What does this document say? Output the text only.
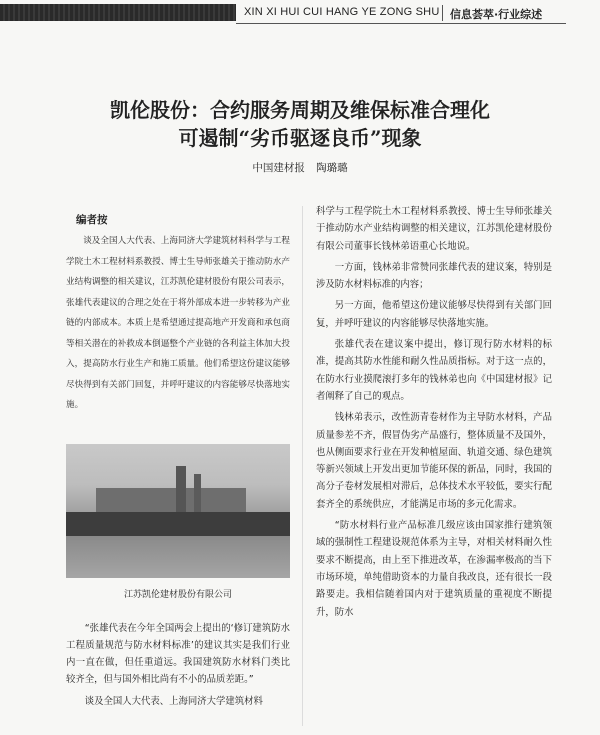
XIN XI HUI CUI HANG YE ZONG SHU 信息荟萃·行业综述
凯伦股份：合约服务周期及维保标准合理化
可遏制“劣币驱逐良币”现象
中国建材报 陶璐璐
编者按

谈及全国人大代表、上海同济大学建筑材料科学与工程学院土木工程材料系教授、博士生导师张雄关于推动防水产业结构调整的相关建议，江苏凯伦建材股份有限公司表示，张雄代表建议的合理之处在于将外部成本进一步转移为产业链的内部成本。本质上是希望通过提高地产开发商和承包商等相关潜在的补救成本倒逼整个产业链的各利益主体加大投入，提高防水行业生产和施工质量。他们希望这份建议能够尽快得到有关部门回复，并呼吁建议的内容能够尽快落地实施。

江苏凯伦建材股份有限公司

“张雄代表在今年全国两会上提出的‘修订建筑防水工程质量规范与防水材料标准’的建议其实是我们行业内一直在做，但任重道远。我国建筑防水材料门类比较齐全，但与国外相比尚有不小的品质差距。”

谈及全国人大代表、上海同济大学建筑材料

科学与工程学院土木工程材料系教授、博士生导师张雄关于推动防水产业结构调整的相关建议，江苏凯伦建材股份有限公司董事长钱林弟语重心长地说。

一方面，钱林弟非常赞同张雄代表的建议案，特别是涉及防水材料标准的内容；

另一方面，他希望这份建议能够尽快得到有关部门回复，并呼吁建议的内容能够尽快落地实施。

张雄代表在建议案中提出，修订现行防水材料的标准，提高其防水性能和耐久性品质指标。对于这一点的，在防水行业摸爬滚打多年的钱林弟也向《中国建材报》记者阐释了自己的观点。

钱林弟表示，改性沥青卷材作为主导防水材料，产品质量参差不齐，假冒伪劣产品盛行，整体质量不及国外，也从侧面要求行业在开发种植屋面、轨道交通、绿色建筑等新兴领域上开发出更加节能环保的新品，同时，我国的高分子卷材发展相对滞后，总体技术水平较低，要实行配套齐全的系统供应，才能满足市场的多元化需求。

“防水材料行业产品标准几级应该由国家推行建筑领域的强制性工程建设规范体系为主导，对相关材料耐久性要求不断提高，由上至下推进改革，在渗漏率极高的当下市场环境，单纯借助资本的力量自我改良，还有很长一段路要走。我相信随着国内对于建筑质量的重视度不断提升，防水
